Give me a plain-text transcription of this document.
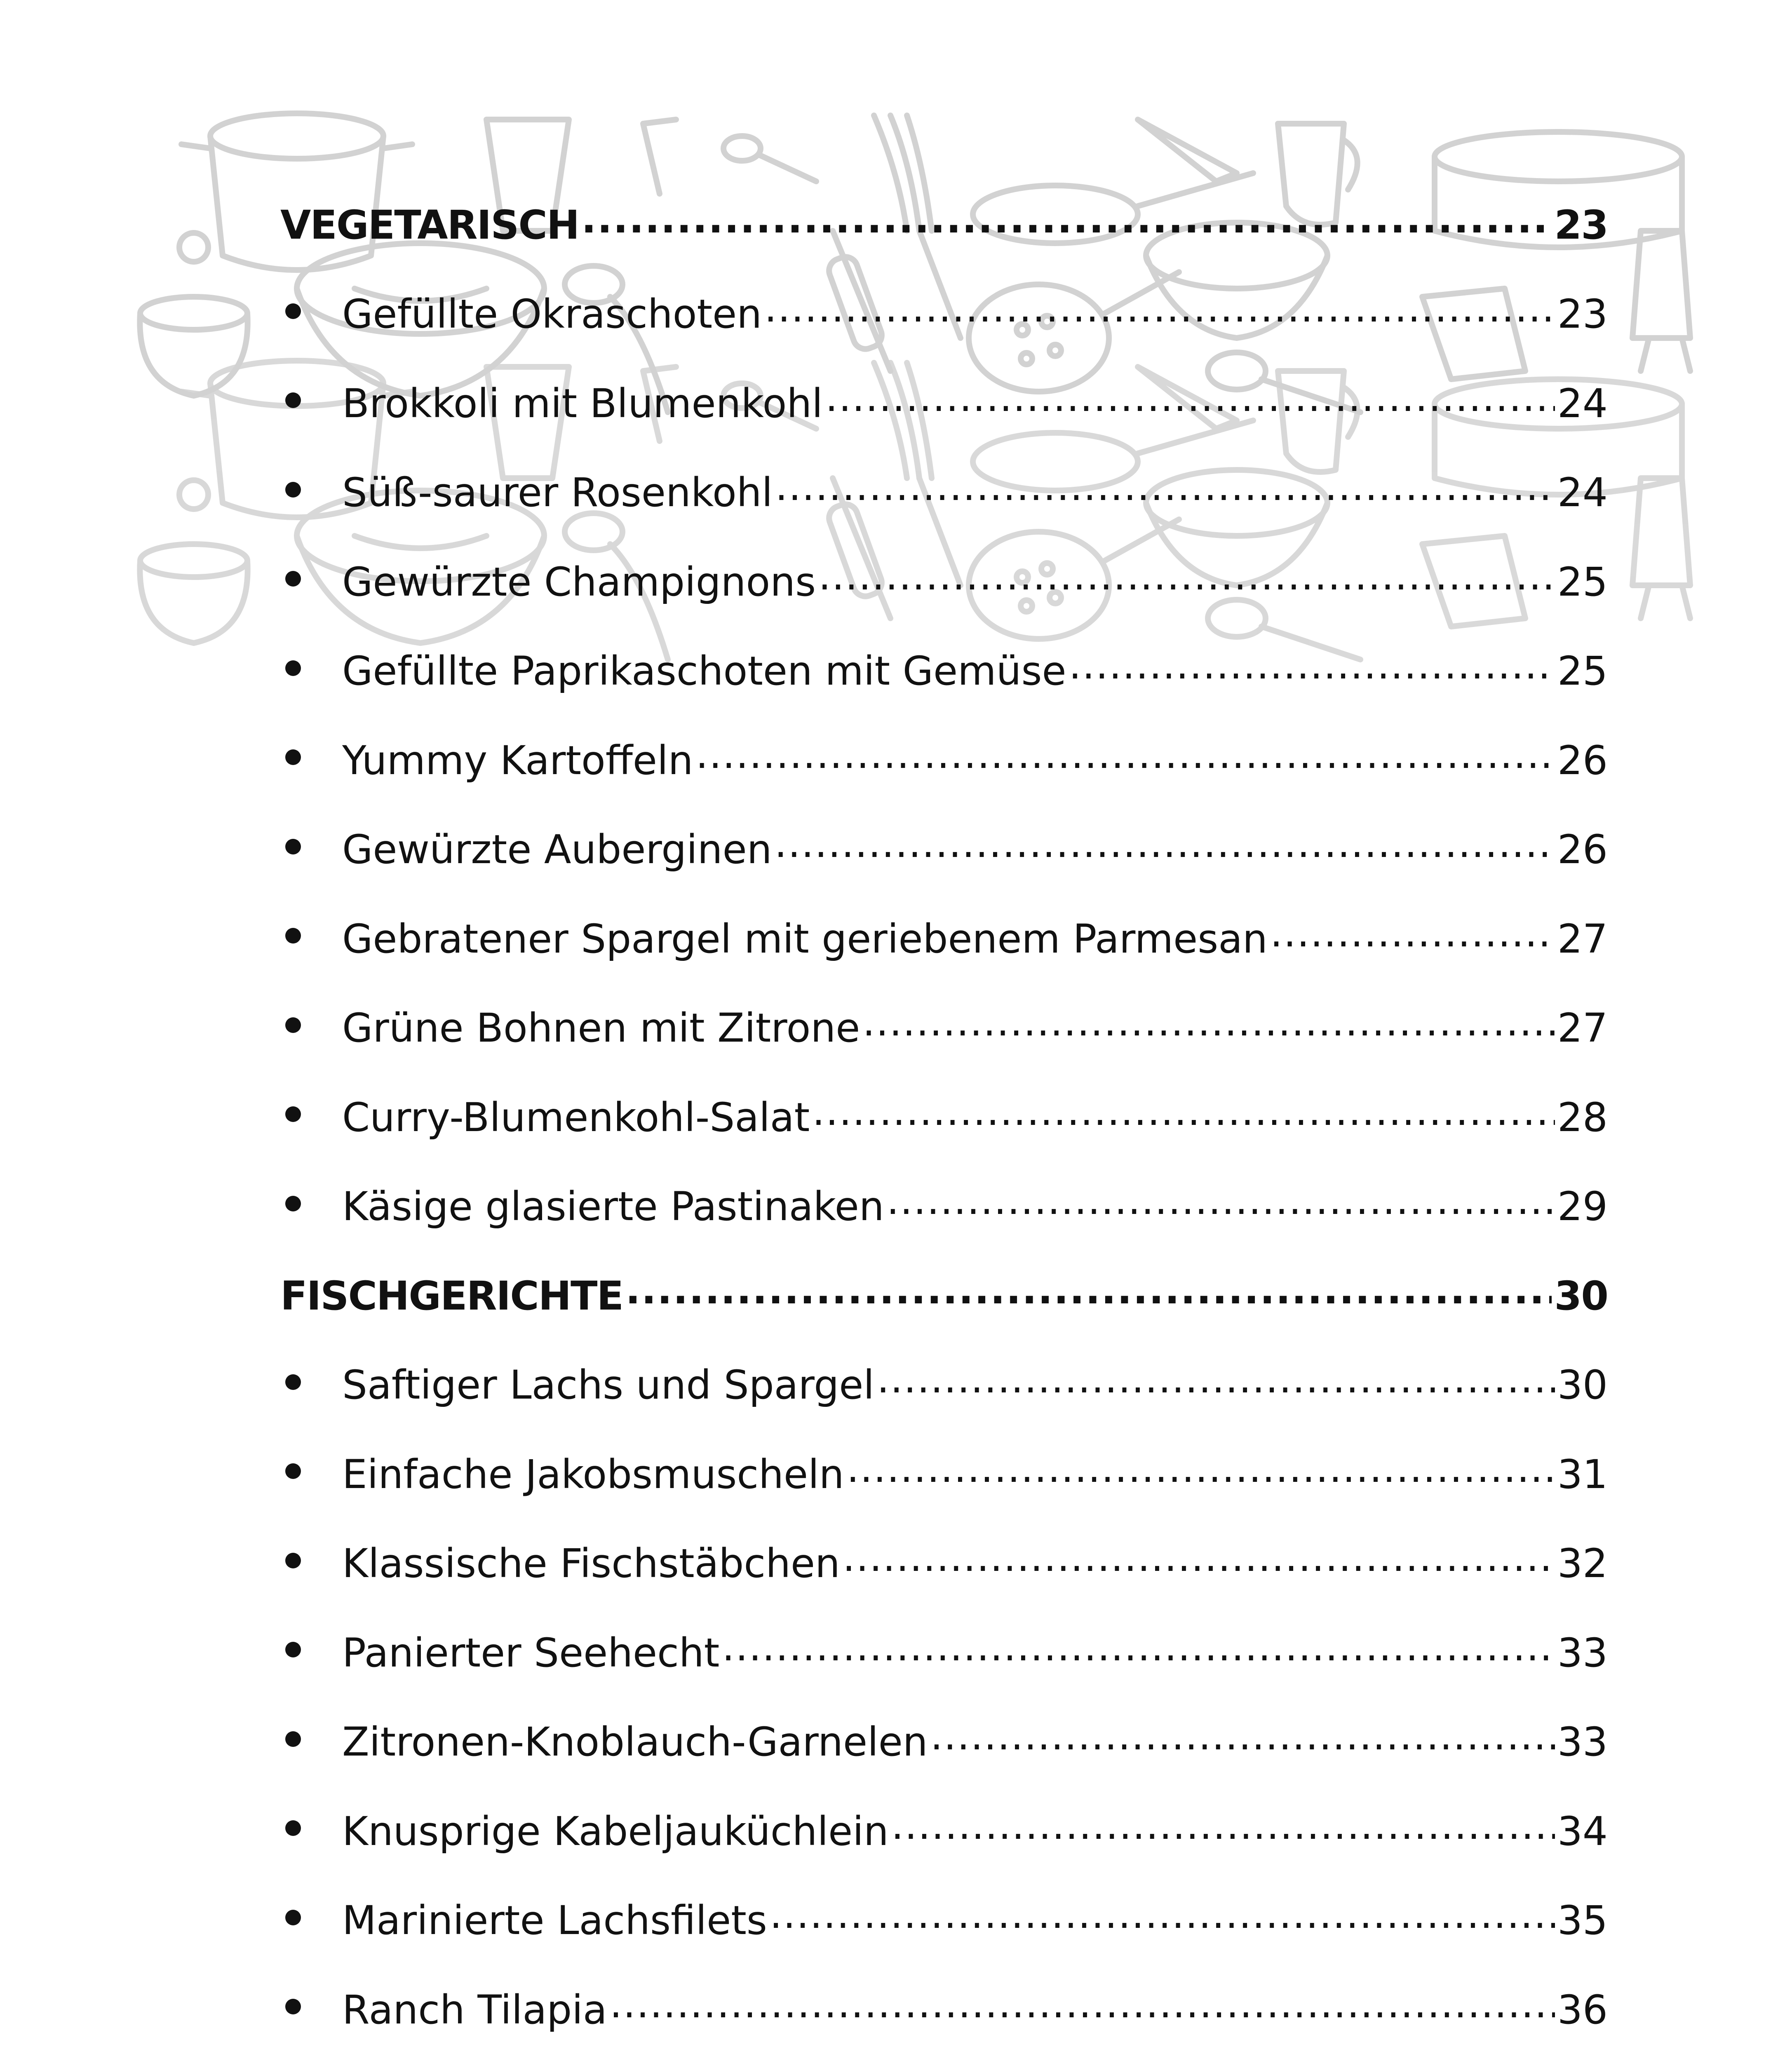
VEGETARISCH .....	23
Gefüllte Okraschoten .....	23
Brokkoli mit Blumenkohl .....	24
Süß-saurer Rosenkohl .....	24
Gewürzte Champignons .....	25
Gefüllte Paprikaschoten mit Gemüse .....	25
Yummy Kartoffeln .....	26
Gewürzte Auberginen .....	26
Gebratener Spargel mit geriebenem Parmesan .....	27
Grüne Bohnen mit Zitrone .....	27
Curry-Blumenkohl-Salat .....	28
Käsige glasierte Pastinaken .....	29
FISCHGERICHTE .....	30
Saftiger Lachs und Spargel .....	30
Einfache Jakobsmuscheln .....	31
Klassische Fischstäbchen .....	32
Panierter Seehecht .....	33
Zitronen-Knoblauch-Garnelen .....	33
Knusprige Kabeljauküchlein .....	34
Marinierte Lachsfilets .....	35
Ranch Tilapia .....	36
